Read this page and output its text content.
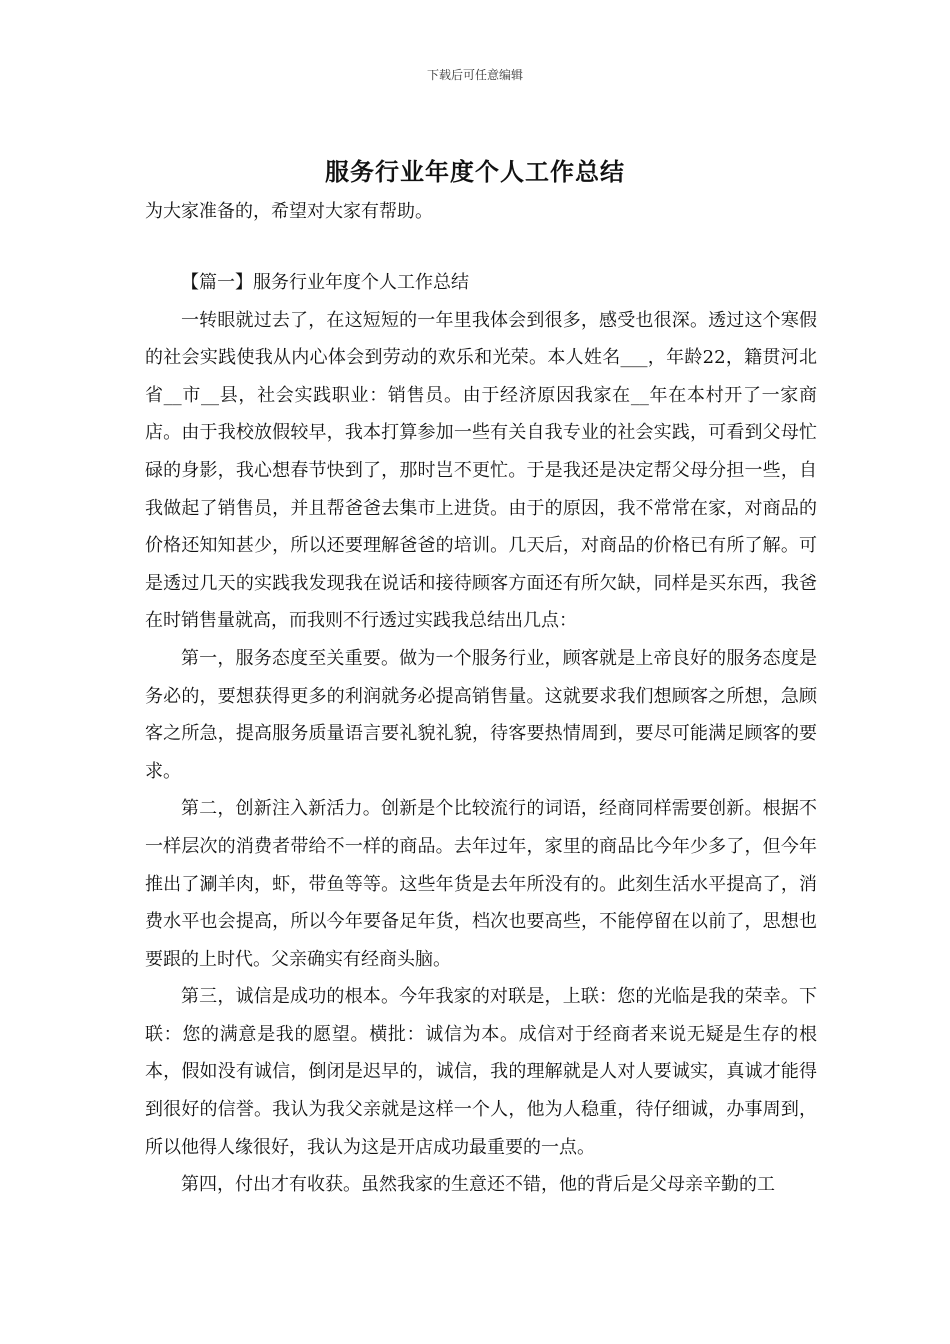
下载后可任意编辑
服务行业年度个人工作总结
为大家准备的，希望对大家有帮助。

【篇一】服务行业年度个人工作总结

一转眼就过去了，在这短短的一年里我体会到很多，感受也很深。透过这个寒假的社会实践使我从内心体会到劳动的欢乐和光荣。本人姓名___，年龄22，籍贯河北省__市__县，社会实践职业：销售员。由于经济原因我家在__年在本村开了一家商店。由于我校放假较早，我本打算参加一些有关自我专业的社会实践，可看到父母忙碌的身影，我心想春节快到了，那时岂不更忙。于是我还是决定帮父母分担一些，自我做起了销售员，并且帮爸爸去集市上进货。由于的原因，我不常常在家，对商品的价格还知知甚少，所以还要理解爸爸的培训。几天后，对商品的价格已有所了解。可是透过几天的实践我发现我在说话和接待顾客方面还有所欠缺，同样是买东西，我爸在时销售量就高，而我则不行透过实践我总结出几点：

第一，服务态度至关重要。做为一个服务行业，顾客就是上帝良好的服务态度是务必的，要想获得更多的利润就务必提高销售量。这就要求我们想顾客之所想，急顾客之所急，提高服务质量语言要礼貌礼貌，待客要热情周到，要尽可能满足顾客的要求。

第二，创新注入新活力。创新是个比较流行的词语，经商同样需要创新。根据不一样层次的消费者带给不一样的商品。去年过年，家里的商品比今年少多了，但今年推出了涮羊肉，虾，带鱼等等。这些年货是去年所没有的。此刻生活水平提高了，消费水平也会提高，所以今年要备足年货，档次也要高些，不能停留在以前了，思想也要跟的上时代。父亲确实有经商头脑。

第三，诚信是成功的根本。今年我家的对联是，上联：您的光临是我的荣幸。下联：您的满意是我的愿望。横批：诚信为本。成信对于经商者来说无疑是生存的根本，假如没有诚信，倒闭是迟早的，诚信，我的理解就是人对人要诚实，真诚才能得到很好的信誉。我认为我父亲就是这样一个人，他为人稳重，待仔细诚，办事周到，所以他得人缘很好，我认为这是开店成功最重要的一点。

第四，付出才有收获。虽然我家的生意还不错，他的背后是父母亲辛勤的工
